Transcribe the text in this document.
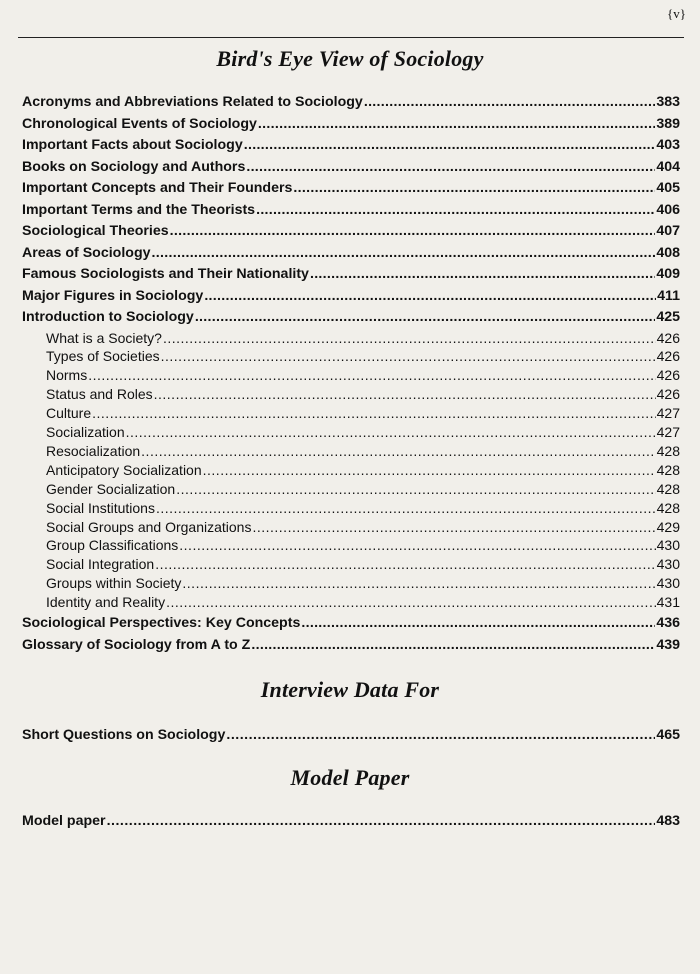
{v}
Bird's Eye View of Sociology
Acronyms and Abbreviations Related to Sociology .....	383
Chronological Events of Sociology .....	389
Important Facts about Sociology .....	403
Books on Sociology and Authors .....	404
Important Concepts and Their Founders .....	405
Important Terms and the Theorists .....	406
Sociological Theories .....	407
Areas of Sociology .....	408
Famous Sociologists and Their Nationality .....	409
Major Figures in Sociology .....	411
Introduction to Sociology .....	425
What is a Society? .....	426
Types of Societies .....	426
Norms .....	426
Status and Roles .....	426
Culture .....	427
Socialization .....	427
Resocialization .....	428
Anticipatory Socialization .....	428
Gender Socialization .....	428
Social Institutions .....	428
Social Groups and Organizations .....	429
Group Classifications .....	430
Social Integration .....	430
Groups within Society .....	430
Identity and Reality .....	431
Sociological Perspectives: Key Concepts .....	436
Glossary of Sociology from A to Z .....	439
Interview Data For
Short Questions on Sociology .....	465
Model Paper
Model paper .....	483
